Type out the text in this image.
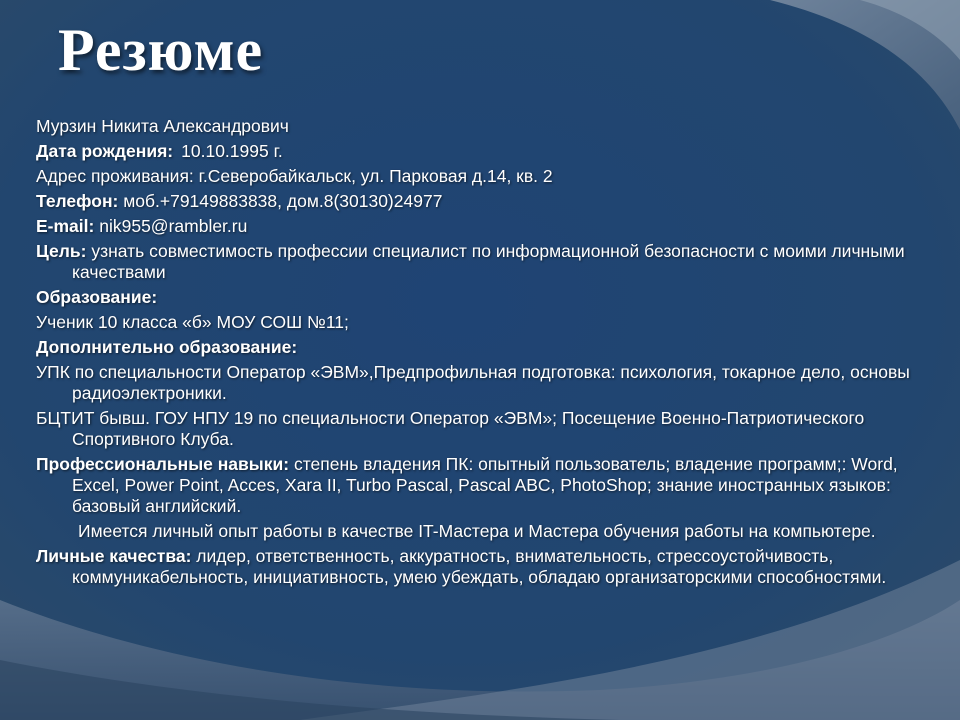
Резюме

Мурзин Никита Александрович

Дата рождения: 10.10.1995 г.

Адрес проживания: г.Северобайкальск, ул. Парковая д.14, кв. 2

Телефон: моб.+79149883838, дом.8(30130)24977

E-mail: nik955@rambler.ru

Цель: узнать совместимость профессии специалист по информационной безопасности с моими личными качествами

Образование:

Ученик 10 класса «б» МОУ СОШ №11;

Дополнительно образование:

УПК по специальности Оператор «ЭВМ»,Предпрофильная подготовка: психология, токарное дело, основы радиоэлектроники.

БЦТИТ бывш. ГОУ НПУ 19 по специальности Оператор «ЭВМ»; Посещение Военно-Патриотического Спортивного Клуба.

Профессиональные навыки: степень владения ПК: опытный пользователь; владение программ;: Word, Excel, Power Point, Acces, Xara II, Turbo Pascal, Pascal ABC, PhotoShop; знание иностранных языков: базовый английский.

Имеется личный опыт работы в качестве IT-Мастера и Мастера обучения работы на компьютере.

Личные качества: лидер, ответственность, аккуратность, внимательность, стрессоустойчивость, коммуникабельность, инициативность, умею убеждать, обладаю организаторскими способностями.
